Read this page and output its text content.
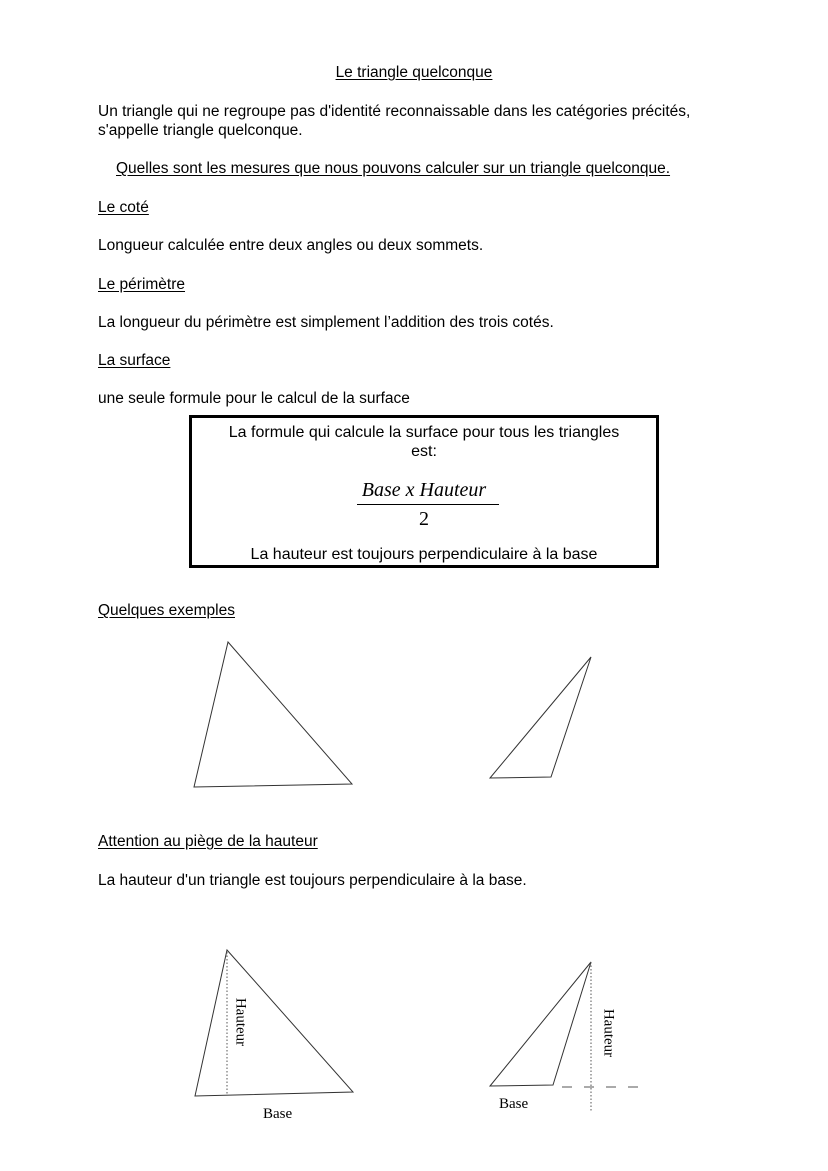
Le triangle quelconque
Un triangle qui ne regroupe pas d'identité reconnaissable dans les catégories précités, s'appelle triangle quelconque.
Quelles sont les mesures que nous pouvons calculer sur un triangle quelconque.
Le coté
Longueur calculée entre deux angles ou deux sommets.
Le périmètre
La longueur du périmètre est simplement l’addition des trois cotés.
La surface
une seule formule pour le calcul de la surface
La formule qui calcule la surface pour tous les triangles
est:
Base x Hauteur
2
La hauteur est toujours perpendiculaire à la base
Quelques exemples
Attention au piège de la hauteur
La hauteur d'un triangle est toujours perpendiculaire à la base.
Hauteur
Base
Hauteur
Base
